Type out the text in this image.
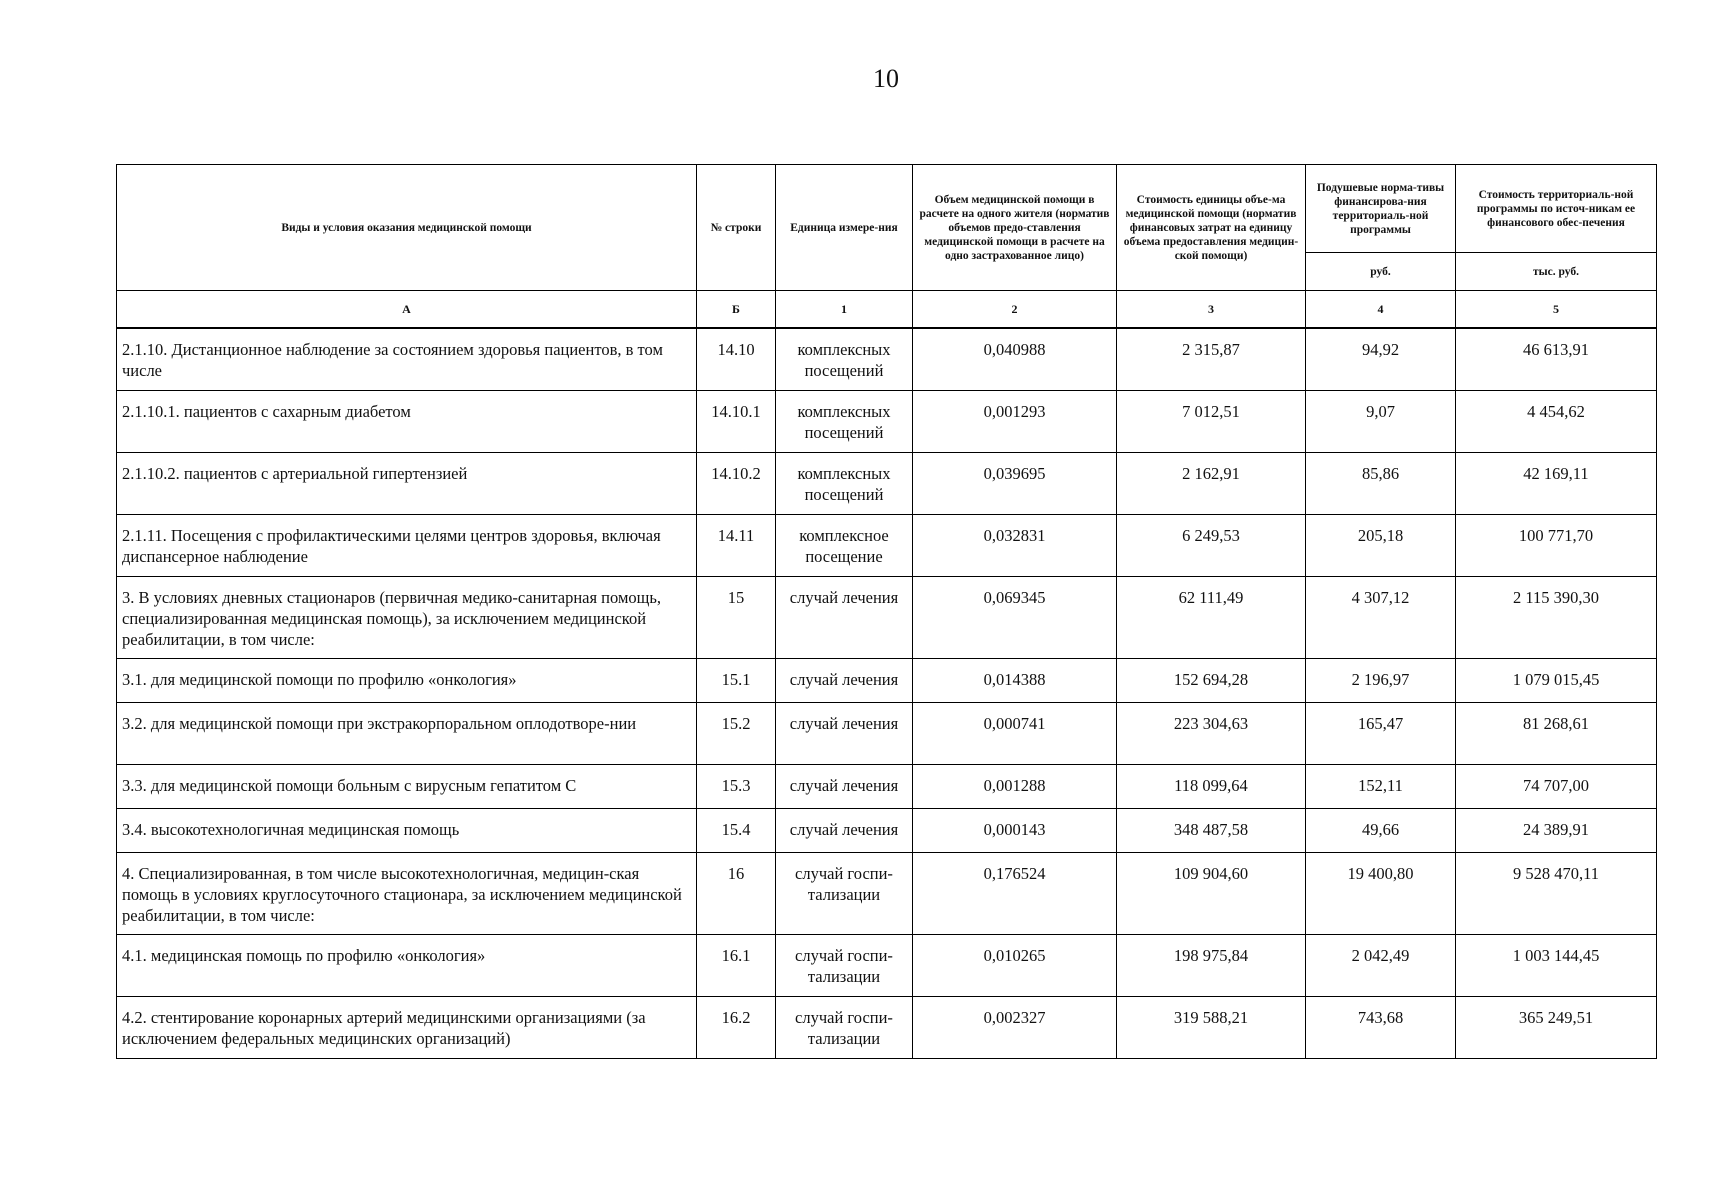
10
Виды и условия оказания медицинской помощи	№ строки	Единица измере-ния	Объем медицинской помощи в расчете на одного жителя (норматив объемов предо-ставления медицинской помощи в расчете на одно застрахованное лицо)	Стоимость единицы объе-ма медицинской помощи (норматив финансовых затрат на единицу объема предоставления медицин-ской помощи)	Подушевые норма-тивы финансирова-ния территориаль-ной программы	Стоимость территориаль-ной программы по источ-никам ее финансового обес-печения
					руб.	тыс. руб.
А	Б	1	2	3	4	5
2.1.10. Дистанционное наблюдение за состоянием здоровья пациентов, в том числе	14.10	комплексных посещений	0,040988	2 315,87	94,92	46 613,91
2.1.10.1. пациентов с сахарным диабетом	14.10.1	комплексных посещений	0,001293	7 012,51	9,07	4 454,62
2.1.10.2. пациентов с артериальной гипертензией	14.10.2	комплексных посещений	0,039695	2 162,91	85,86	42 169,11
2.1.11. Посещения с профилактическими целями центров здоровья, включая диспансерное наблюдение	14.11	комплексное посещение	0,032831	6 249,53	205,18	100 771,70
3. В условиях дневных стационаров (первичная медико-санитарная помощь, специализированная медицинская помощь), за исключением медицинской реабилитации, в том числе:	15	случай лечения	0,069345	62 111,49	4 307,12	2 115 390,30
3.1. для медицинской помощи по профилю «онкология»	15.1	случай лечения	0,014388	152 694,28	2 196,97	1 079 015,45
3.2. для медицинской помощи при экстракорпоральном оплодотворе-нии	15.2	случай лечения	0,000741	223 304,63	165,47	81 268,61
3.3. для медицинской помощи больным с вирусным гепатитом С	15.3	случай лечения	0,001288	118 099,64	152,11	74 707,00
3.4. высокотехнологичная медицинская помощь	15.4	случай лечения	0,000143	348 487,58	49,66	24 389,91
4. Специализированная, в том числе высокотехнологичная, медицин-ская помощь в условиях круглосуточного стационара, за исключением медицинской реабилитации, в том числе:	16	случай госпи-тализации	0,176524	109 904,60	19 400,80	9 528 470,11
4.1. медицинская помощь по профилю «онкология»	16.1	случай госпи-тализации	0,010265	198 975,84	2 042,49	1 003 144,45
4.2. стентирование коронарных артерий медицинскими организациями (за исключением федеральных медицинских организаций)	16.2	случай госпи-тализации	0,002327	319 588,21	743,68	365 249,51
